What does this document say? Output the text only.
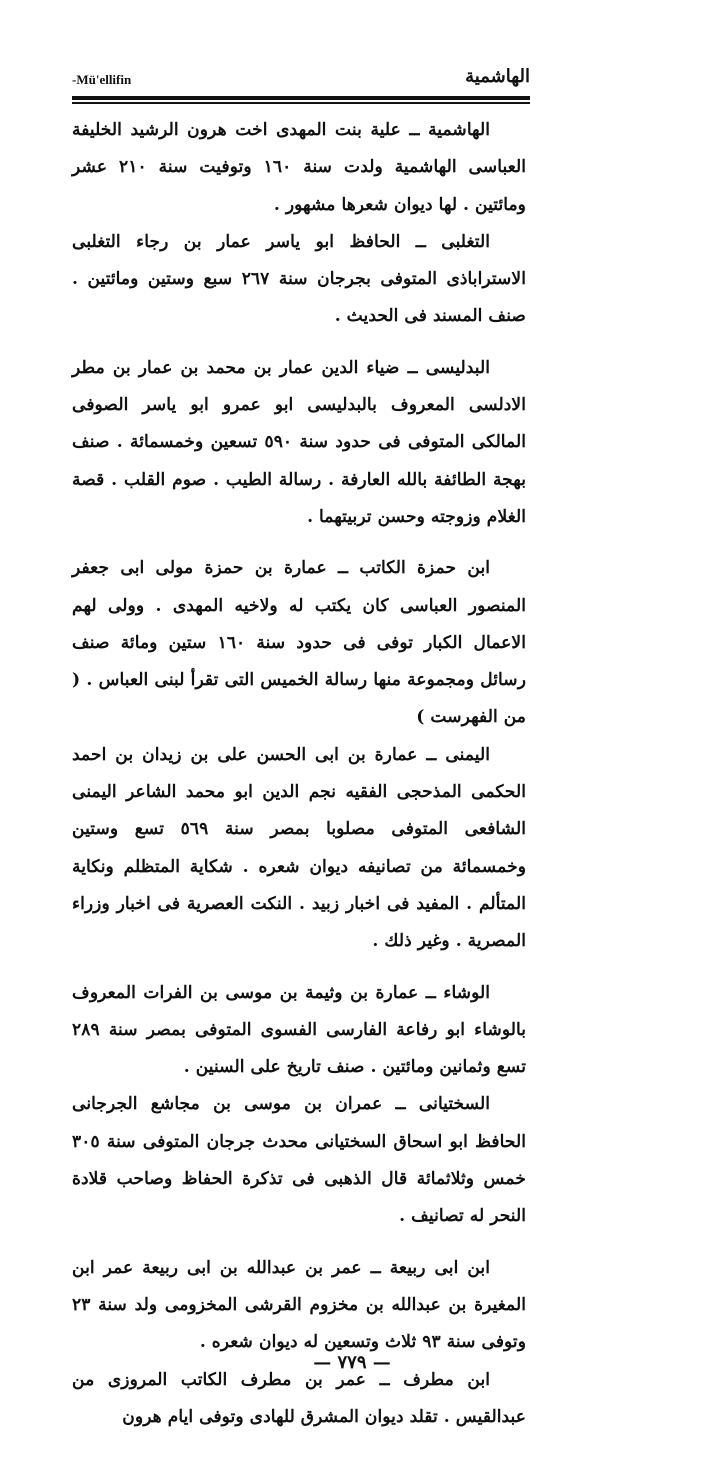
-Mü'ellifin	الهاشمية

الهاشمية ــ علية بنت المهدى اخت هرون الرشيد الخليفة العباسى الهاشمية ولدت سنة ١٦٠ وتوفيت سنة ٢١٠ عشر ومائتين . لها ديوان شعرها مشهور .

التغلبى ــ الحافظ ابو ياسر عمار بن رجاء التغلبى الاستراباذى المتوفى بجرجان سنة ٢٦٧ سبع وستين ومائتين . صنف المسند فى الحديث .

البدليسى ــ ضياء الدين عمار بن محمد بن عمار بن مطر الادلسى المعروف بالبدليسى ابو عمرو ابو ياسر الصوفى المالكى المتوفى فى حدود سنة ٥٩٠ تسعين وخمسمائة . صنف بهجة الطائفة بالله العارفة . رسالة الطيب . صوم القلب . قصة الغلام وزوجته وحسن تربيتهما .

ابن حمزة الكاتب ــ عمارة بن حمزة مولى ابى جعفر المنصور العباسى كان يكتب له ولاخيه المهدى . وولى لهم الاعمال الكبار توفى فى حدود سنة ١٦٠ ستين ومائة صنف رسائل ومجموعة منها رسالة الخميس التى تقرأ لبنى العباس . ( من الفهرست )

اليمنى ــ عمارة بن ابى الحسن على بن زيدان بن احمد الحكمى المذحجى الفقيه نجم الدين ابو محمد الشاعر اليمنى الشافعى المتوفى مصلوبا بمصر سنة ٥٦٩ تسع وستين وخمسمائة من تصانيفه ديوان شعره . شكاية المتظلم ونكاية المتألم . المفيد فى اخبار زبيد . النكت العصرية فى اخبار وزراء المصرية . وغير ذلك .

الوشاء ــ عمارة بن وثيمة بن موسى بن الفرات المعروف بالوشاء ابو رفاعة الفارسى الفسوى المتوفى بمصر سنة ٢٨٩ تسع وثمانين ومائتين . صنف تاريخ على السنين .

السختيانى ــ عمران بن موسى بن مجاشع الجرجانى الحافظ ابو اسحاق السختيانى محدث جرجان المتوفى سنة ٣٠٥ خمس وثلاثمائة قال الذهبى فى تذكرة الحفاظ وصاحب قلادة النحر له تصانيف .

ابن ابى ربيعة ــ عمر بن عبدالله بن ابى ربيعة عمر ابن المغيرة بن عبدالله بن مخزوم القرشى المخزومى ولد سنة ٢٣ وتوفى سنة ٩٣ ثلاث وتسعين له ديوان شعره .

ابن مطرف ــ عمر بن مطرف الكاتب المروزى من عبدالقيس . تقلد ديوان المشرق للهادى وتوفى ايام هرون

— ٧٧٩ —
